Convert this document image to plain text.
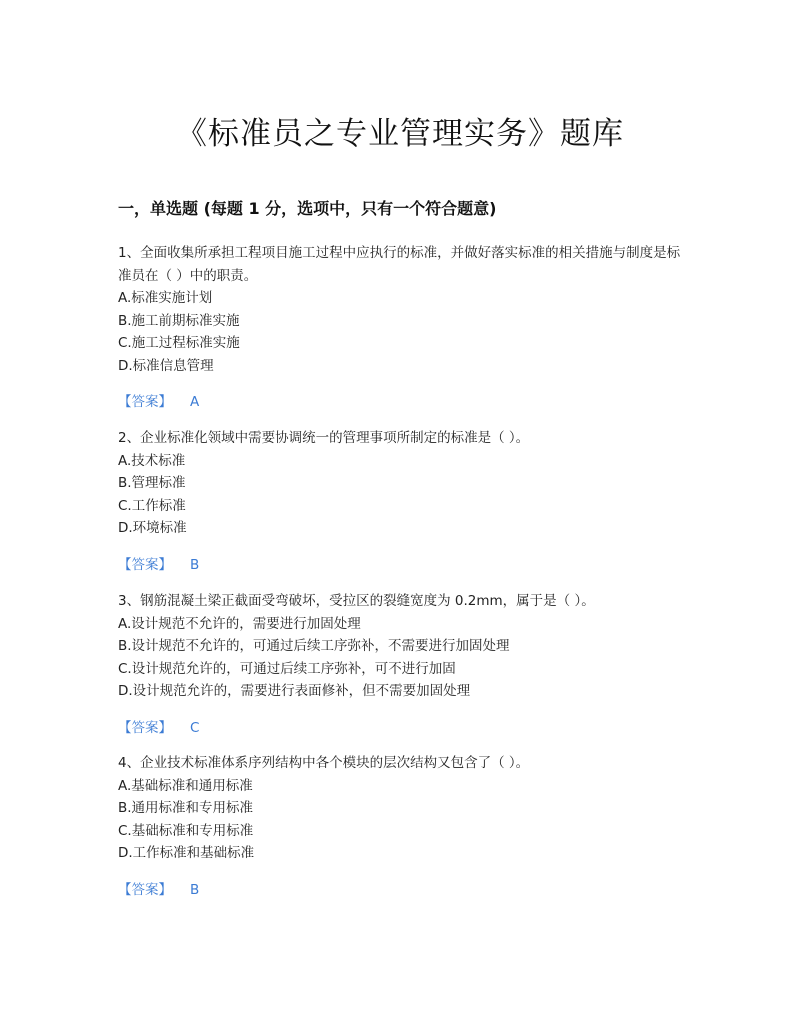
《标准员之专业管理实务》题库
一，单选题 (每题 1 分，选项中，只有一个符合题意)

1、全面收集所承担工程项目施工过程中应执行的标准，并做好落实标准的相关措施与制度是标准员在（ ）中的职责。

A.标准实施计划

B.施工前期标准实施

C.施工过程标准实施

D.标准信息管理

【答案】 A

2、企业标准化领域中需要协调统一的管理事项所制定的标准是（ ）。

A.技术标准

B.管理标准

C.工作标准

D.环境标准

【答案】 B

3、钢筋混凝土梁正截面受弯破坏，受拉区的裂缝宽度为 0.2mm，属于是（ ）。

A.设计规范不允许的，需要进行加固处理

B.设计规范不允许的，可通过后续工序弥补，不需要进行加固处理

C.设计规范允许的，可通过后续工序弥补，可不进行加固

D.设计规范允许的，需要进行表面修补，但不需要加固处理

【答案】 C

4、企业技术标准体系序列结构中各个模块的层次结构又包含了（ ）。

A.基础标准和通用标准

B.通用标准和专用标准

C.基础标准和专用标准

D.工作标准和基础标准

【答案】 B
